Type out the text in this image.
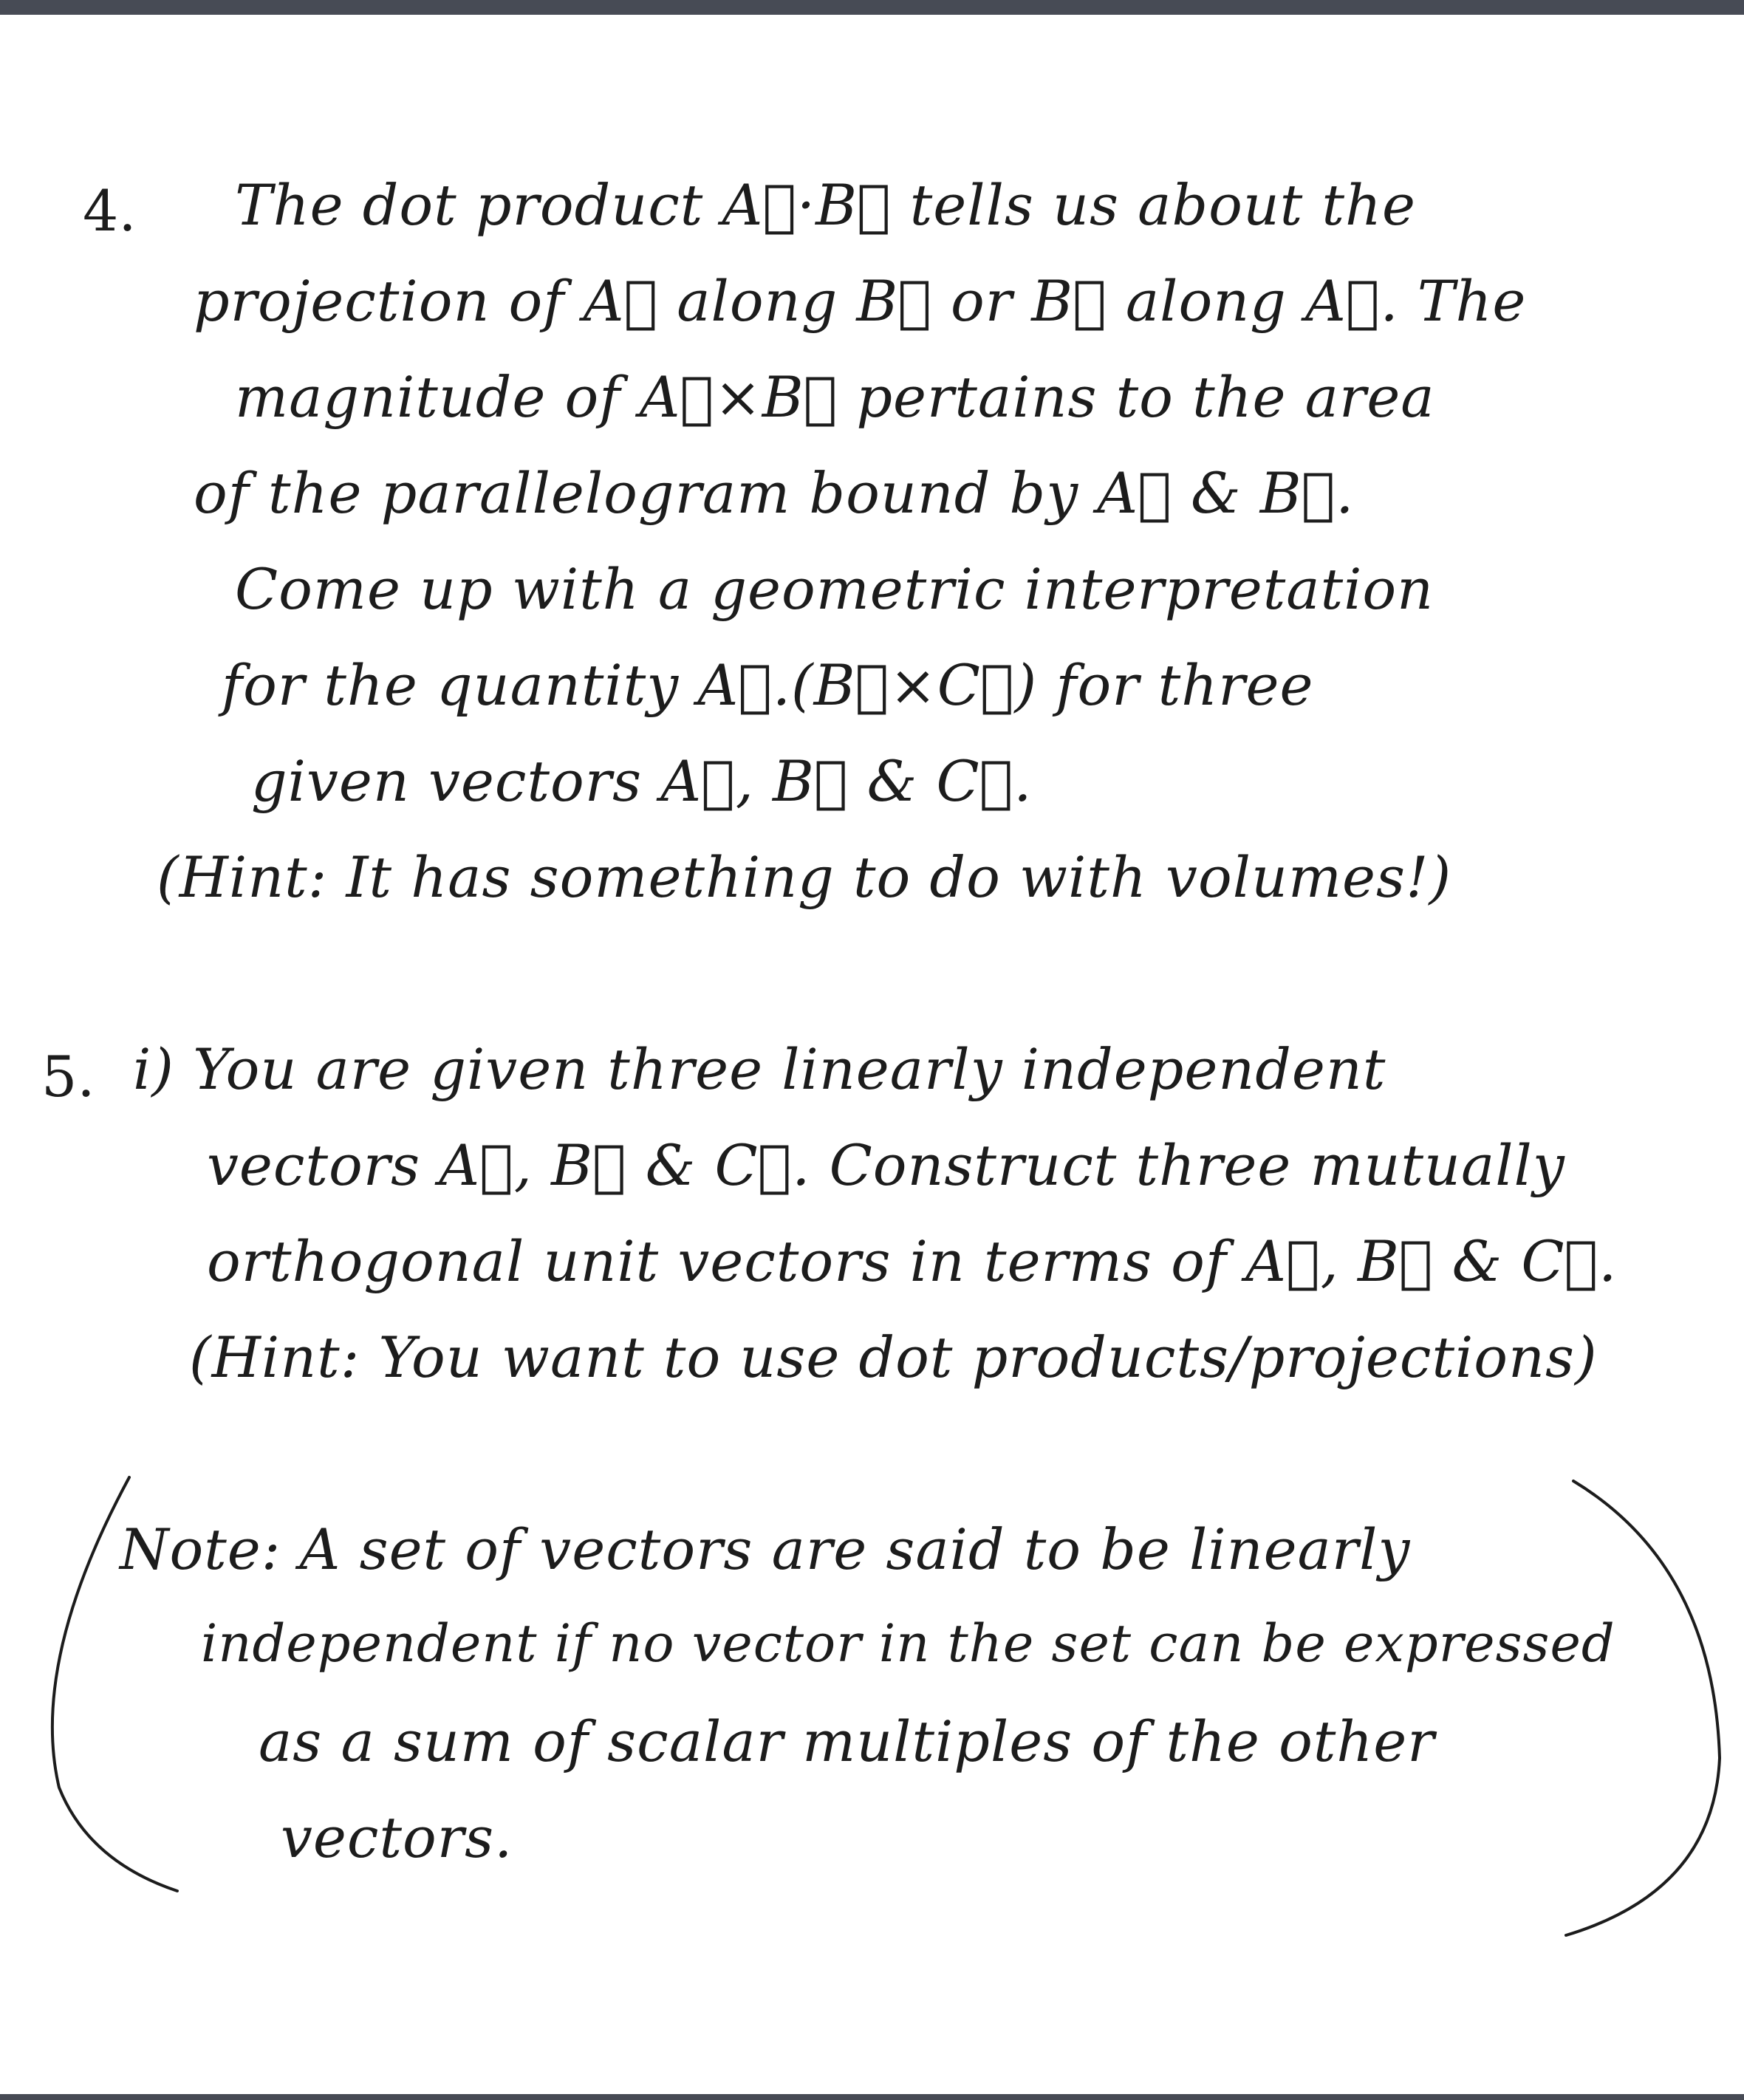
4. The dot product A⃗·B⃗ tells us about the
projection of A⃗ along B⃗ or B⃗ along A⃗. The
magnitude of A⃗×B⃗ pertains to the area
of the parallelogram bound by A⃗ & B⃗.
Come up with a geometric interpretation
for the quantity A⃗.(B⃗×C⃗) for three
given vectors A⃗, B⃗ & C⃗.
(Hint: It has something to do with volumes!)
5. i) You are given three linearly independent
vectors A⃗, B⃗ & C⃗. Construct three mutually
orthogonal unit vectors in terms of A⃗, B⃗ & C⃗.
(Hint: You want to use dot products/projections)
Note: A set of vectors are said to be linearly
independent if no vector in the set can be expressed
as a sum of scalar multiples of the other
vectors.
